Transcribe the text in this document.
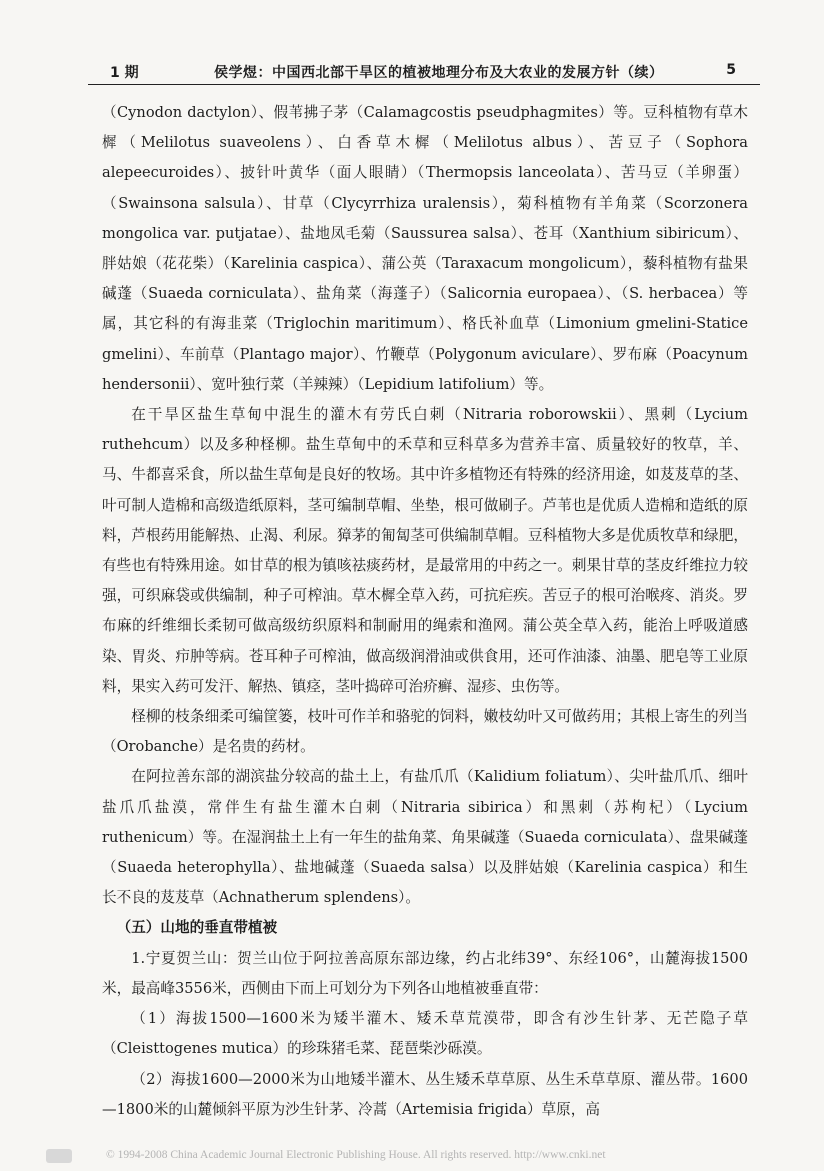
1 期	侯学煜：中国西北部干旱区的植被地理分布及大农业的发展方针（续）	5

（Cynodon dactylon）、假苇拂子茅（Calamagcostis pseudphagmites）等。豆科植物有草木樨（Melilotus suaveolens）、白香草木樨（Melilotus albus）、苦豆子（Sophora alepeecuroides）、披针叶黄华（面人眼睛）（Thermopsis lanceolata）、苦马豆（羊卵蛋）（Swainsona salsula）、甘草（Clycyrrhiza uralensis），菊科植物有羊角菜（Scorzonera mongolica var. putjatae）、盐地凤毛菊（Saussurea salsa）、苍耳（Xanthium sibiricum）、胖姑娘（花花柴）（Karelinia caspica）、蒲公英（Taraxacum mongolicum），藜科植物有盐果碱蓬（Suaeda corniculata）、盐角菜（海蓬子）（Salicornia europaea）、（S. herbacea）等属，其它科的有海韭菜（Triglochin maritimum）、格氏补血草（Limonium gmelini-Statice gmelini）、车前草（Plantago major）、竹鞭草（Polygonum aviculare）、罗布麻（Poacynum hendersonii）、宽叶独行菜（羊辣辣）（Lepidium latifolium）等。

在干旱区盐生草甸中混生的灌木有劳氏白刺（Nitraria roborowskii）、黑刺（Lycium ruthehcum）以及多种柽柳。盐生草甸中的禾草和豆科草多为营养丰富、质量较好的牧草，羊、马、牛都喜采食，所以盐生草甸是良好的牧场。其中许多植物还有特殊的经济用途，如芨芨草的茎、叶可制人造棉和高级造纸原料，茎可编制草帽、坐垫，根可做刷子。芦苇也是优质人造棉和造纸的原料，芦根药用能解热、止渴、利尿。獐茅的匍匐茎可供编制草帽。豆科植物大多是优质牧草和绿肥，有些也有特殊用途。如甘草的根为镇咳祛痰药材，是最常用的中药之一。刺果甘草的茎皮纤维拉力较强，可织麻袋或供编制，种子可榨油。草木樨全草入药，可抗疟疾。苦豆子的根可治喉疼、消炎。罗布麻的纤维细长柔韧可做高级纺织原料和制耐用的绳索和渔网。蒲公英全草入药，能治上呼吸道感染、胃炎、疖肿等病。苍耳种子可榨油，做高级润滑油或供食用，还可作油漆、油墨、肥皂等工业原料，果实入药可发汗、解热、镇痉，茎叶捣碎可治疥癣、湿疹、虫伤等。

柽柳的枝条细柔可编筐篓，枝叶可作羊和骆驼的饲料，嫩枝幼叶又可做药用；其根上寄生的列当（Orobanche）是名贵的药材。

在阿拉善东部的湖滨盐分较高的盐土上，有盐爪爪（Kalidium foliatum）、尖叶盐爪爪、细叶盐爪爪盐漠，常伴生有盐生灌木白刺（Nitraria sibirica）和黑刺（苏枸杞）（Lycium ruthenicum）等。在湿润盐土上有一年生的盐角菜、角果碱蓬（Suaeda corniculata）、盘果碱蓬（Suaeda heterophylla）、盐地碱蓬（Suaeda salsa）以及胖姑娘（Karelinia caspica）和生长不良的芨芨草（Achnatherum splendens）。

（五）山地的垂直带植被

1.宁夏贺兰山：贺兰山位于阿拉善高原东部边缘，约占北纬39°、东经106°，山麓海拔1500米，最高峰3556米，西侧由下而上可划分为下列各山地植被垂直带：

（1）海拔1500—1600米为矮半灌木、矮禾草荒漠带，即含有沙生针茅、无芒隐子草（Cleisttogenes mutica）的珍珠猪毛菜、琵琶柴沙砾漠。

（2）海拔1600—2000米为山地矮半灌木、丛生矮禾草草原、丛生禾草草原、灌丛带。1600—1800米的山麓倾斜平原为沙生针茅、冷蒿（Artemisia frigida）草原，高

© 1994-2008 China Academic Journal Electronic Publishing House. All rights reserved. http://www.cnki.net
